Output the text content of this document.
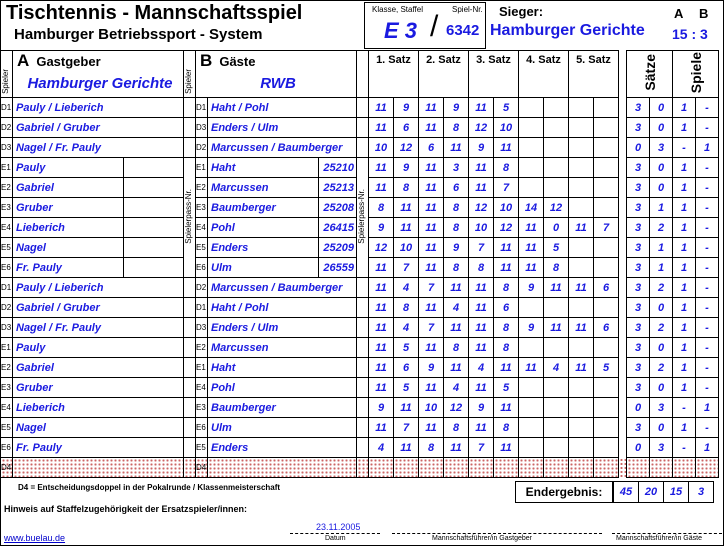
Tischtennis - Mannschaftsspiel
Hamburger Betriebssport - System
Klasse, Staffel	Spiel-Nr.
/
E 3 6342
Sieger:
Hamburger Gerichte
A B
15 : 3
Spieler	A Gastgeber
Hamburger Gerichte		Spieler	B Gäste
RWB				1. Satz		2. Satz		3. Satz		4. Satz		5. Satz			Sätze		Spiele	
D1	Pauly / Lieberich			D1	Haht / Pohl			11	9	11	9	11	5						3	0	1	-
D2	Gabriel / Gruber			D3	Enders / Ulm			11	6	11	8	12	10						3	0	1	-
D3	Nagel / Fr. Pauly			D2	Marcussen / Baumberger			10	12	6	11	9	11						0	3	-	1
E1	Pauly		Spielerpass-Nr.	E1	Haht	25210	Spielerpass-Nr.	11	9	11	3	11	8						3	0	1	-
E2	Gabriel			E2	Marcussen	25213		11	8	11	6	11	7						3	0	1	-
E3	Gruber			E3	Baumberger	25208		8	11	11	8	12	10	14	12				3	1	1	-
E4	Lieberich			E4	Pohl	26415		9	11	11	8	10	12	11	0	11	7		3	2	1	-
E5	Nagel			E5	Enders	25209		12	10	11	9	7	11	11	5				3	1	1	-
E6	Fr. Pauly			E6	Ulm	26559		11	7	11	8	8	11	11	8				3	1	1	-
D1	Pauly / Lieberich			D2	Marcussen / Baumberger			11	4	7	11	11	8	9	11	11	6		3	2	1	-
D2	Gabriel / Gruber			D1	Haht / Pohl			11	8	11	4	11	6						3	0	1	-
D3	Nagel / Fr. Pauly			D3	Enders / Ulm			11	4	7	11	11	8	9	11	11	6		3	2	1	-
E1	Pauly			E2	Marcussen			11	5	11	8	11	8						3	0	1	-
E2	Gabriel			E1	Haht			11	6	9	11	4	11	11	4	11	5		3	2	1	-
E3	Gruber			E4	Pohl			11	5	11	4	11	5						3	0	1	-
E4	Lieberich			E3	Baumberger			9	11	10	12	9	11						0	3	-	1
E5	Nagel			E6	Ulm			11	7	11	8	11	8						3	0	1	-
E6	Fr. Pauly			E5	Enders			4	11	8	11	7	11						0	3	-	1
D4				D4																		
D4 = Entscheidungsdoppel in der Pokalrunde / Klassenmeisterschaft	Endergebnis:	45	20	15	3
Hinweis auf Staffelzugehörigkeit der Ersatzspieler/innen:
www.buelau.de
23.11.2005
Datum	Mannschaftsführer/in Gastgeber	Mannschaftsführer/in Gäste
